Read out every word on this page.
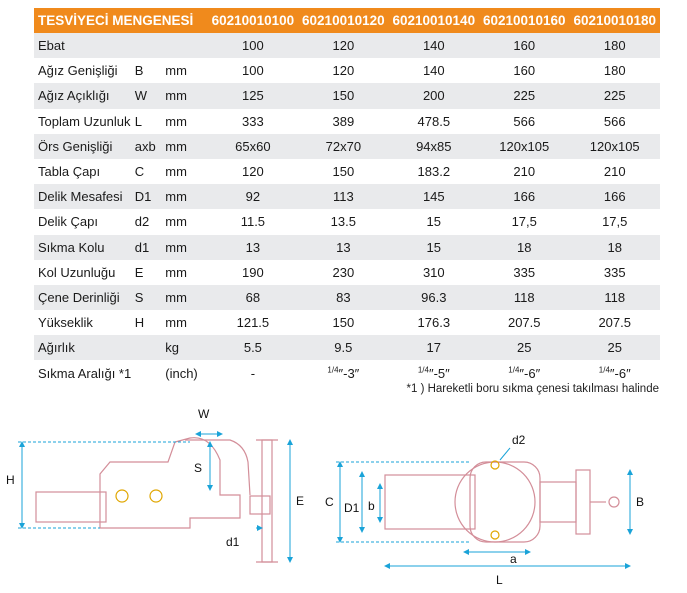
TESVİYECİ MENGENESİ			60210010100	60210010120	60210010140	60210010160	60210010180
Ebat			100	120	140	160	180
Ağız Genişliği	B	mm	100	120	140	160	180
Ağız Açıklığı	W	mm	125	150	200	225	225
Toplam Uzunluk	L	mm	333	389	478.5	566	566
Örs Genişliği	axb	mm	65x60	72x70	94x85	120x105	120x105
Tabla Çapı	C	mm	120	150	183.2	210	210
Delik Mesafesi	D1	mm	92	113	145	166	166
Delik Çapı	d2	mm	11.5	13.5	15	17,5	17,5
Sıkma Kolu	d1	mm	13	13	15	18	18
Kol Uzunluğu	E	mm	190	230	310	335	335
Çene Derinliği	S	mm	68	83	96.3	118	118
Yükseklik	H	mm	121.5	150	176.3	207.5	207.5
Ağırlık		kg	5.5	9.5	17	25	25
Sıkma Aralığı *1		(inch)	-	$^{1/4}$″-3″	$^{1/4}$″-5″	$^{1/4}$″-6″	$^{1/4}$″-6″
*1 ) Hareketli boru sıkma çenesi takılması halinde
H
W
S
E
d1
C D1 b
a
L
B
d2
